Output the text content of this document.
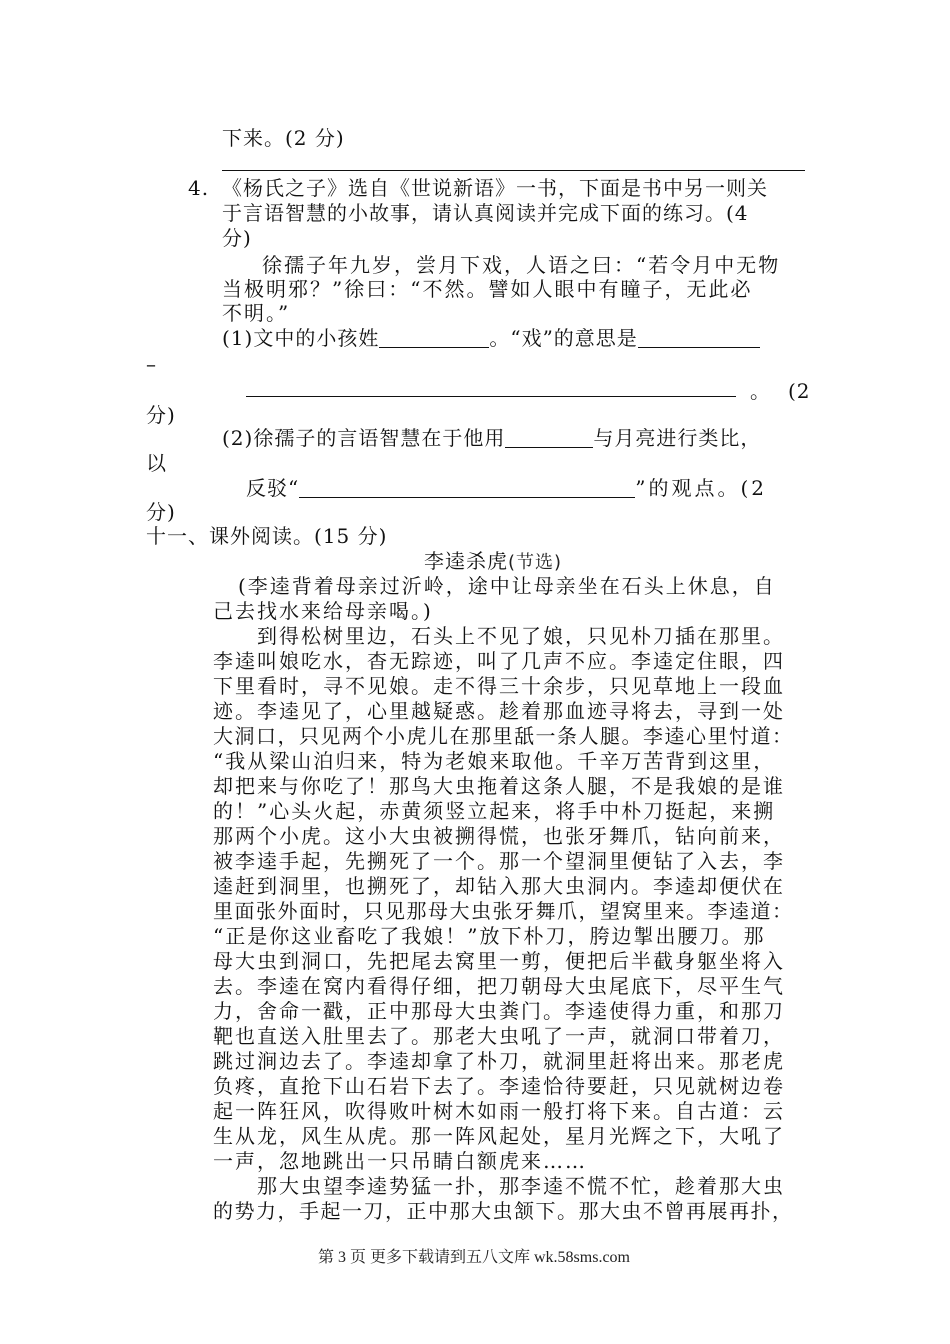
下来。(2 分)
4. 《杨氏之子》选自《世说新语》一书，下面是书中另一则关
于言语智慧的小故事，请认真阅读并完成下面的练习。(4
分)
徐孺子年九岁，尝月下戏，人语之曰：“若令月中无物
当极明邪？”徐曰：“不然。譬如人眼中有瞳子，无此必
不明。”
(1)文中的小孩姓	。“戏”的意思是
–
。 (2
分)
(2)徐孺子的言语智慧在于他用	与月亮进行类比，
以
反驳“	”的观点。(2
分)
十一、课外阅读。(15 分)
李逵杀虎(节选)
(李逵背着母亲过沂岭，途中让母亲坐在石头上休息，自
己去找水来给母亲喝。)
到得松树里边，石头上不见了娘，只见朴刀插在那里。
李逵叫娘吃水，杳无踪迹，叫了几声不应。李逵定住眼，四
下里看时，寻不见娘。走不得三十余步，只见草地上一段血
迹。李逵见了，心里越疑惑。趁着那血迹寻将去，寻到一处
大洞口，只见两个小虎儿在那里舐一条人腿。李逵心里忖道：
“我从梁山泊归来，特为老娘来取他。千辛万苦背到这里，
却把来与你吃了！那鸟大虫拖着这条人腿，不是我娘的是谁
的！”心头火起，赤黄须竖立起来，将手中朴刀挺起，来搠
那两个小虎。这小大虫被搠得慌，也张牙舞爪，钻向前来，
被李逵手起，先搠死了一个。那一个望洞里便钻了入去，李
逵赶到洞里，也搠死了，却钻入那大虫洞内。李逵却便伏在
里面张外面时，只见那母大虫张牙舞爪，望窝里来。李逵道：
“正是你这业畜吃了我娘！”放下朴刀，胯边掣出腰刀。那
母大虫到洞口，先把尾去窝里一剪，便把后半截身躯坐将入
去。李逵在窝内看得仔细，把刀朝母大虫尾底下，尽平生气
力，舍命一戳，正中那母大虫粪门。李逵使得力重，和那刀
靶也直送入肚里去了。那老大虫吼了一声，就洞口带着刀，
跳过涧边去了。李逵却拿了朴刀，就洞里赶将出来。那老虎
负疼，直抢下山石岩下去了。李逵恰待要赶，只见就树边卷
起一阵狂风，吹得败叶树木如雨一般打将下来。自古道：云
生从龙，风生从虎。那一阵风起处，星月光辉之下，大吼了
一声，忽地跳出一只吊睛白额虎来……
那大虫望李逵势猛一扑，那李逵不慌不忙，趁着那大虫
的势力，手起一刀，正中那大虫颔下。那大虫不曾再展再扑，
第 3 页 更多下载请到五八文库 wk.58sms.com
